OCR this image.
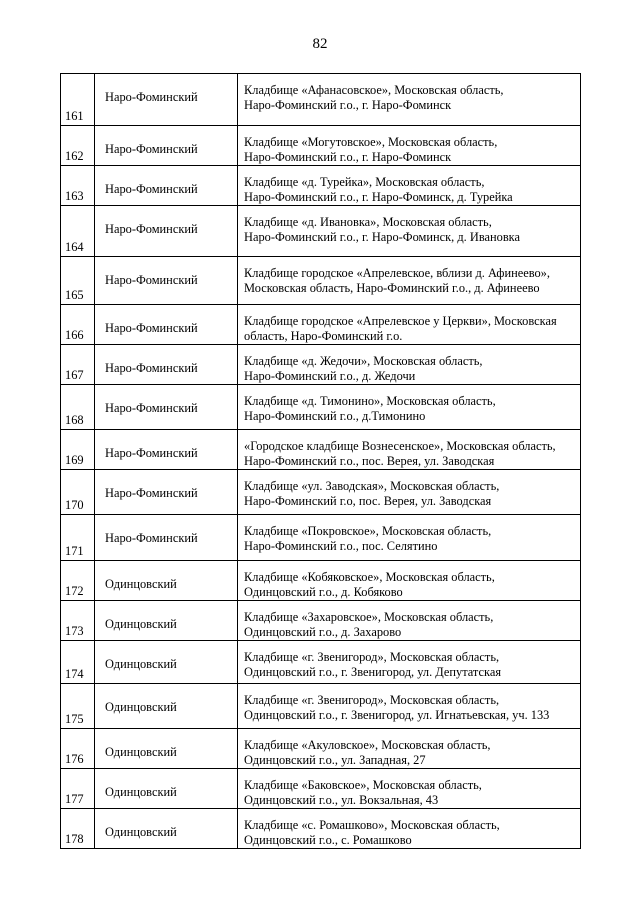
82
161	Наро-Фоминский	Кладбище «Афанасовское», Московская область,
Наро-Фоминский г.о., г. Наро-Фоминск

162	Наро-Фоминский	Кладбище «Могутовское», Московская область,
Наро-Фоминский г.о., г. Наро-Фоминск

163	Наро-Фоминский	Кладбище «д. Турейка», Московская область,
Наро-Фоминский г.о., г. Наро-Фоминск, д. Турейка

164	Наро-Фоминский	Кладбище «д. Ивановка», Московская область,
Наро-Фоминский г.о., г. Наро-Фоминск, д. Ивановка

165	Наро-Фоминский	Кладбище городское «Апрелевское, вблизи д. Афинеево»,
Московская область, Наро-Фоминский г.о., д. Афинеево

166	Наро-Фоминский	Кладбище городское «Апрелевское у Церкви», Московская
область, Наро-Фоминский г.о.

167	Наро-Фоминский	Кладбище «д. Жедочи», Московская область,
Наро-Фоминский г.о., д. Жедочи

168	Наро-Фоминский	Кладбище «д. Тимонино», Московская область,
Наро-Фоминский г.о., д.Тимонино

169	Наро-Фоминский	«Городское кладбище Вознесенское», Московская область,
Наро-Фоминский г.о., пос. Верея, ул. Заводская

170	Наро-Фоминский	Кладбище «ул. Заводская», Московская область,
Наро-Фоминский г.о, пос. Верея, ул. Заводская

171	Наро-Фоминский	Кладбище «Покровское», Московская область,
Наро-Фоминский г.о., пос. Селятино

172	Одинцовский	Кладбище «Кобяковское», Московская область,
Одинцовский г.о., д. Кобяково

173	Одинцовский	Кладбище «Захаровское», Московская область,
Одинцовский г.о., д. Захарово

174	Одинцовский	Кладбище «г. Звенигород», Московская область,
Одинцовский г.о., г. Звенигород, ул. Депутатская

175	Одинцовский	Кладбище «г. Звенигород», Московская область,
Одинцовский г.о., г. Звенигород, ул. Игнатьевская, уч. 133

176	Одинцовский	Кладбище «Акуловское», Московская область,
Одинцовский г.о., ул. Западная, 27

177	Одинцовский	Кладбище «Баковское», Московская область,
Одинцовский г.о., ул. Вокзальная, 43

178	Одинцовский	Кладбище «с. Ромашково», Московская область,
Одинцовский г.о., с. Ромашково
